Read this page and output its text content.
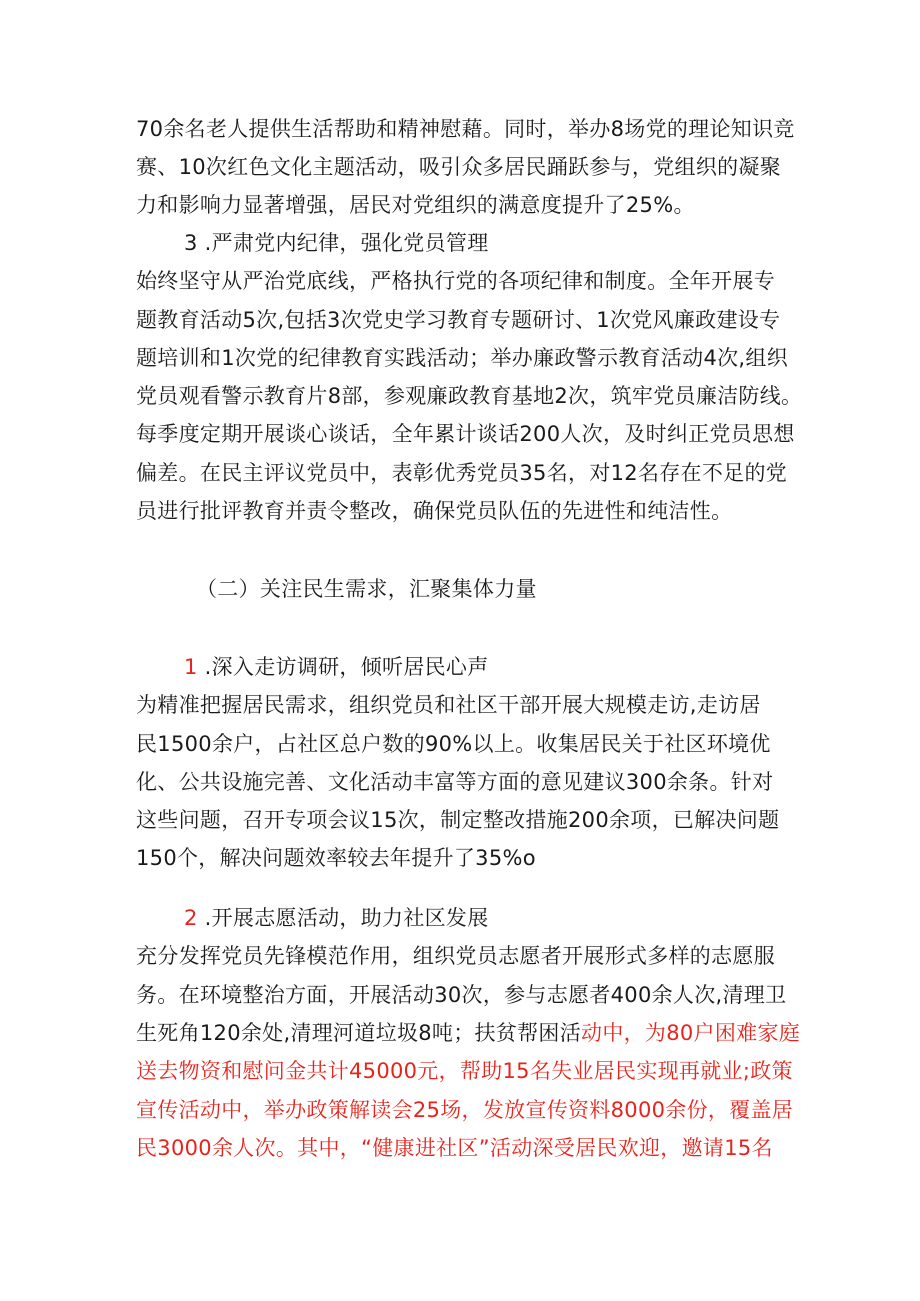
70余名老人提供生活帮助和精神慰藉。同时，举办8场党的理论知识竞
赛、10次红色文化主题活动，吸引众多居民踊跃参与，党组织的凝聚
力和影响力显著增强，居民对党组织的满意度提升了25%。
3 .严肃党内纪律，强化党员管理
始终坚守从严治党底线，严格执行党的各项纪律和制度。全年开展专
题教育活动5次,包括3次党史学习教育专题研讨、1次党风廉政建设专
题培训和1次党的纪律教育实践活动；举办廉政警示教育活动4次,组织
党员观看警示教育片8部，参观廉政教育基地2次，筑牢党员廉洁防线。
每季度定期开展谈心谈话，全年累计谈话200人次，及时纠正党员思想
偏差。在民主评议党员中，表彰优秀党员35名，对12名存在不足的党
员进行批评教育并责令整改，确保党员队伍的先进性和纯洁性。
（二）关注民生需求，汇聚集体力量
1 .深入走访调研，倾听居民心声
为精准把握居民需求，组织党员和社区干部开展大规模走访,走访居
民1500余户，占社区总户数的90%以上。收集居民关于社区环境优
化、公共设施完善、文化活动丰富等方面的意见建议300余条。针对
这些问题，召开专项会议15次，制定整改措施200余项，已解决问题
150个，解决问题效率较去年提升了35%o
2 .开展志愿活动，助力社区发展
充分发挥党员先锋模范作用，组织党员志愿者开展形式多样的志愿服
务。在环境整治方面，开展活动30次，参与志愿者400余人次,清理卫
生死角120余处,清理河道垃圾8吨；扶贫帮困活动中，为80户困难家庭
送去物资和慰问金共计45000元，帮助15名失业居民实现再就业;政策
宣传活动中，举办政策解读会25场，发放宣传资料8000余份，覆盖居
民3000余人次。其中，“健康进社区”活动深受居民欢迎，邀请15名
